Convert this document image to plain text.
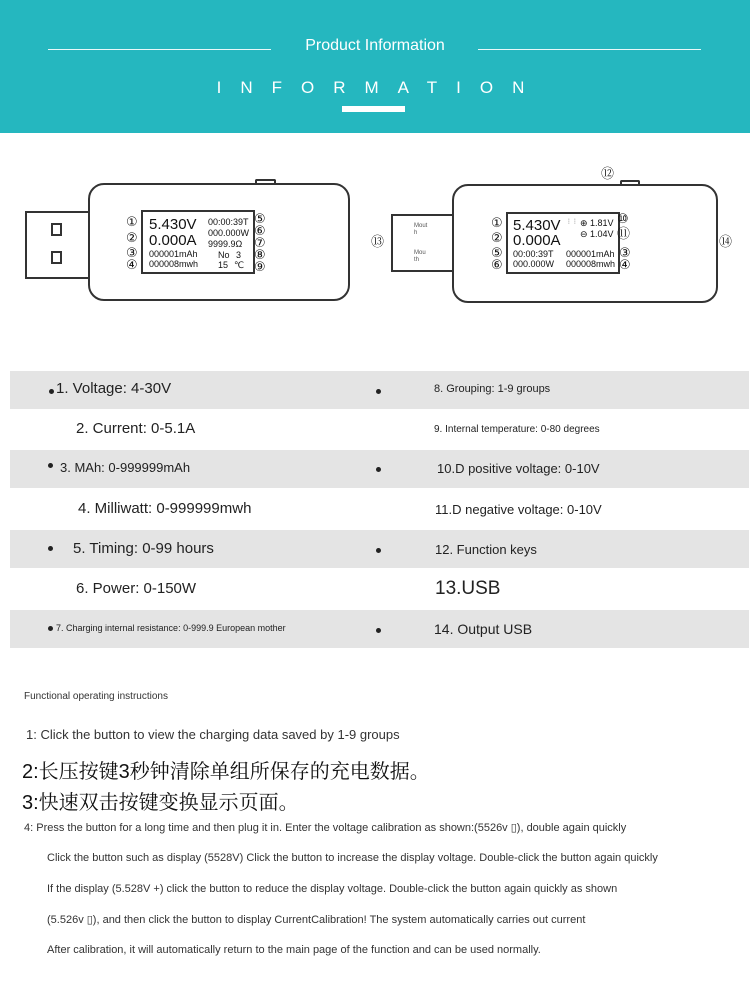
Product Information
INFORMATION
5.430V
0.000A
000001mAh
000008mwh
00:00:39T
000.000W
9999.9Ω
No 3
15 ℃
①
②
③
④
⑤
⑥
⑦
⑧
⑨
⑫
⑬	⑭
Mout
h
Mou
th
5.430V
0.000A
00:00:39T
000.000W
⋮⋮ ⊕ 1.81V
⊖ 1.04V
000001mAh
000008mwh
①
②
⑤
⑥
⑩
⑪
③
④
1. Voltage: 4-30V	8. Grouping: 1-9 groups
2. Current: 0-5.1A	9. Internal temperature: 0-80 degrees
3. MAh: 0-999999mAh	10.D positive voltage: 0-10V
4. Milliwatt: 0-999999mwh	11.D negative voltage: 0-10V
5. Timing: 0-99 hours	12. Function keys
6. Power: 0-150W	13.USB
7. Charging internal resistance: 0-999.9 European mother	14. Output USB
Functional operating instructions
1: Click the button to view the charging data saved by 1-9 groups
2:长压按键3秒钟清除单组所保存的充电数据。
3:快速双击按键变换显示页面。
4: Press the button for a long time and then plug it in. Enter the voltage calibration as shown:(5526v ▯), double again quickly
Click the button such as display (5528V) Click the button to increase the display voltage. Double-click the button again quickly
If the display (5.528V +) click the button to reduce the display voltage. Double-click the button again quickly as shown
(5.526v ▯), and then click the button to display CurrentCalibration! The system automatically carries out current
After calibration, it will automatically return to the main page of the function and can be used normally.
